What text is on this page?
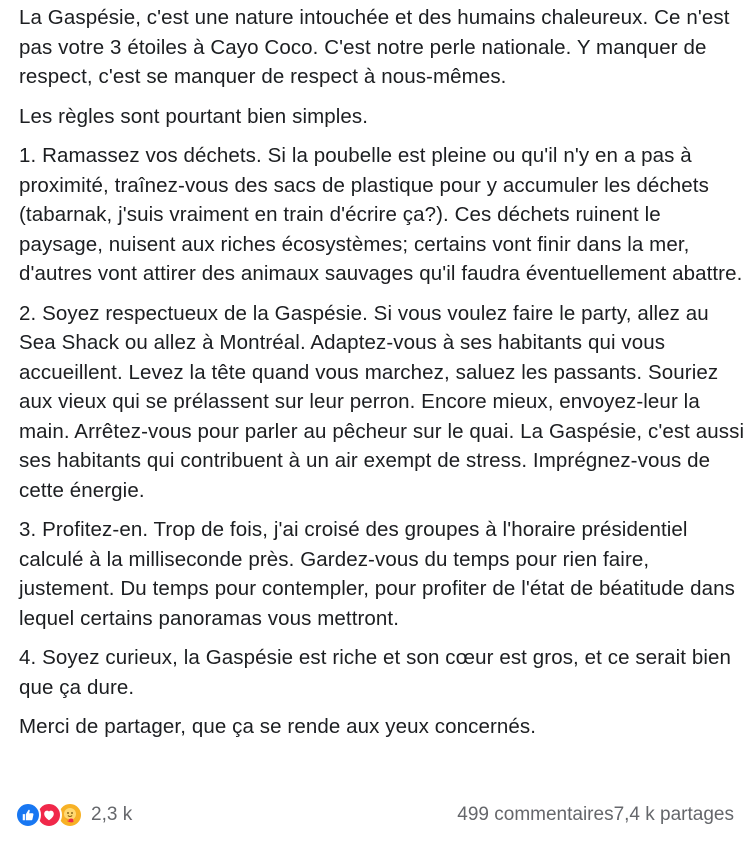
La Gaspésie, c'est une nature intouchée et des humains chaleureux. Ce n'est pas votre 3 étoiles à Cayo Coco. C'est notre perle nationale. Y manquer de respect, c'est se manquer de respect à nous-mêmes.

Les règles sont pourtant bien simples.

1. Ramassez vos déchets. Si la poubelle est pleine ou qu'il n'y en a pas à proximité, traînez-vous des sacs de plastique pour y accumuler les déchets (tabarnak, j'suis vraiment en train d'écrire ça?). Ces déchets ruinent le paysage, nuisent aux riches écosystèmes; certains vont finir dans la mer, d'autres vont attirer des animaux sauvages qu'il faudra éventuellement abattre.

2. Soyez respectueux de la Gaspésie. Si vous voulez faire le party, allez au Sea Shack ou allez à Montréal. Adaptez-vous à ses habitants qui vous accueillent. Levez la tête quand vous marchez, saluez les passants. Souriez aux vieux qui se prélassent sur leur perron. Encore mieux, envoyez-leur la main. Arrêtez-vous pour parler au pêcheur sur le quai. La Gaspésie, c'est aussi ses habitants qui contribuent à un air exempt de stress. Imprégnez-vous de cette énergie.

3. Profitez-en. Trop de fois, j'ai croisé des groupes à l'horaire présidentiel calculé à la milliseconde près. Gardez-vous du temps pour rien faire, justement. Du temps pour contempler, pour profiter de l'état de béatitude dans lequel certains panoramas vous mettront.

4. Soyez curieux, la Gaspésie est riche et son cœur est gros, et ce serait bien que ça dure.

Merci de partager, que ça se rende aux yeux concernés.

2,3 k	499 commentaires 7,4 k partages
